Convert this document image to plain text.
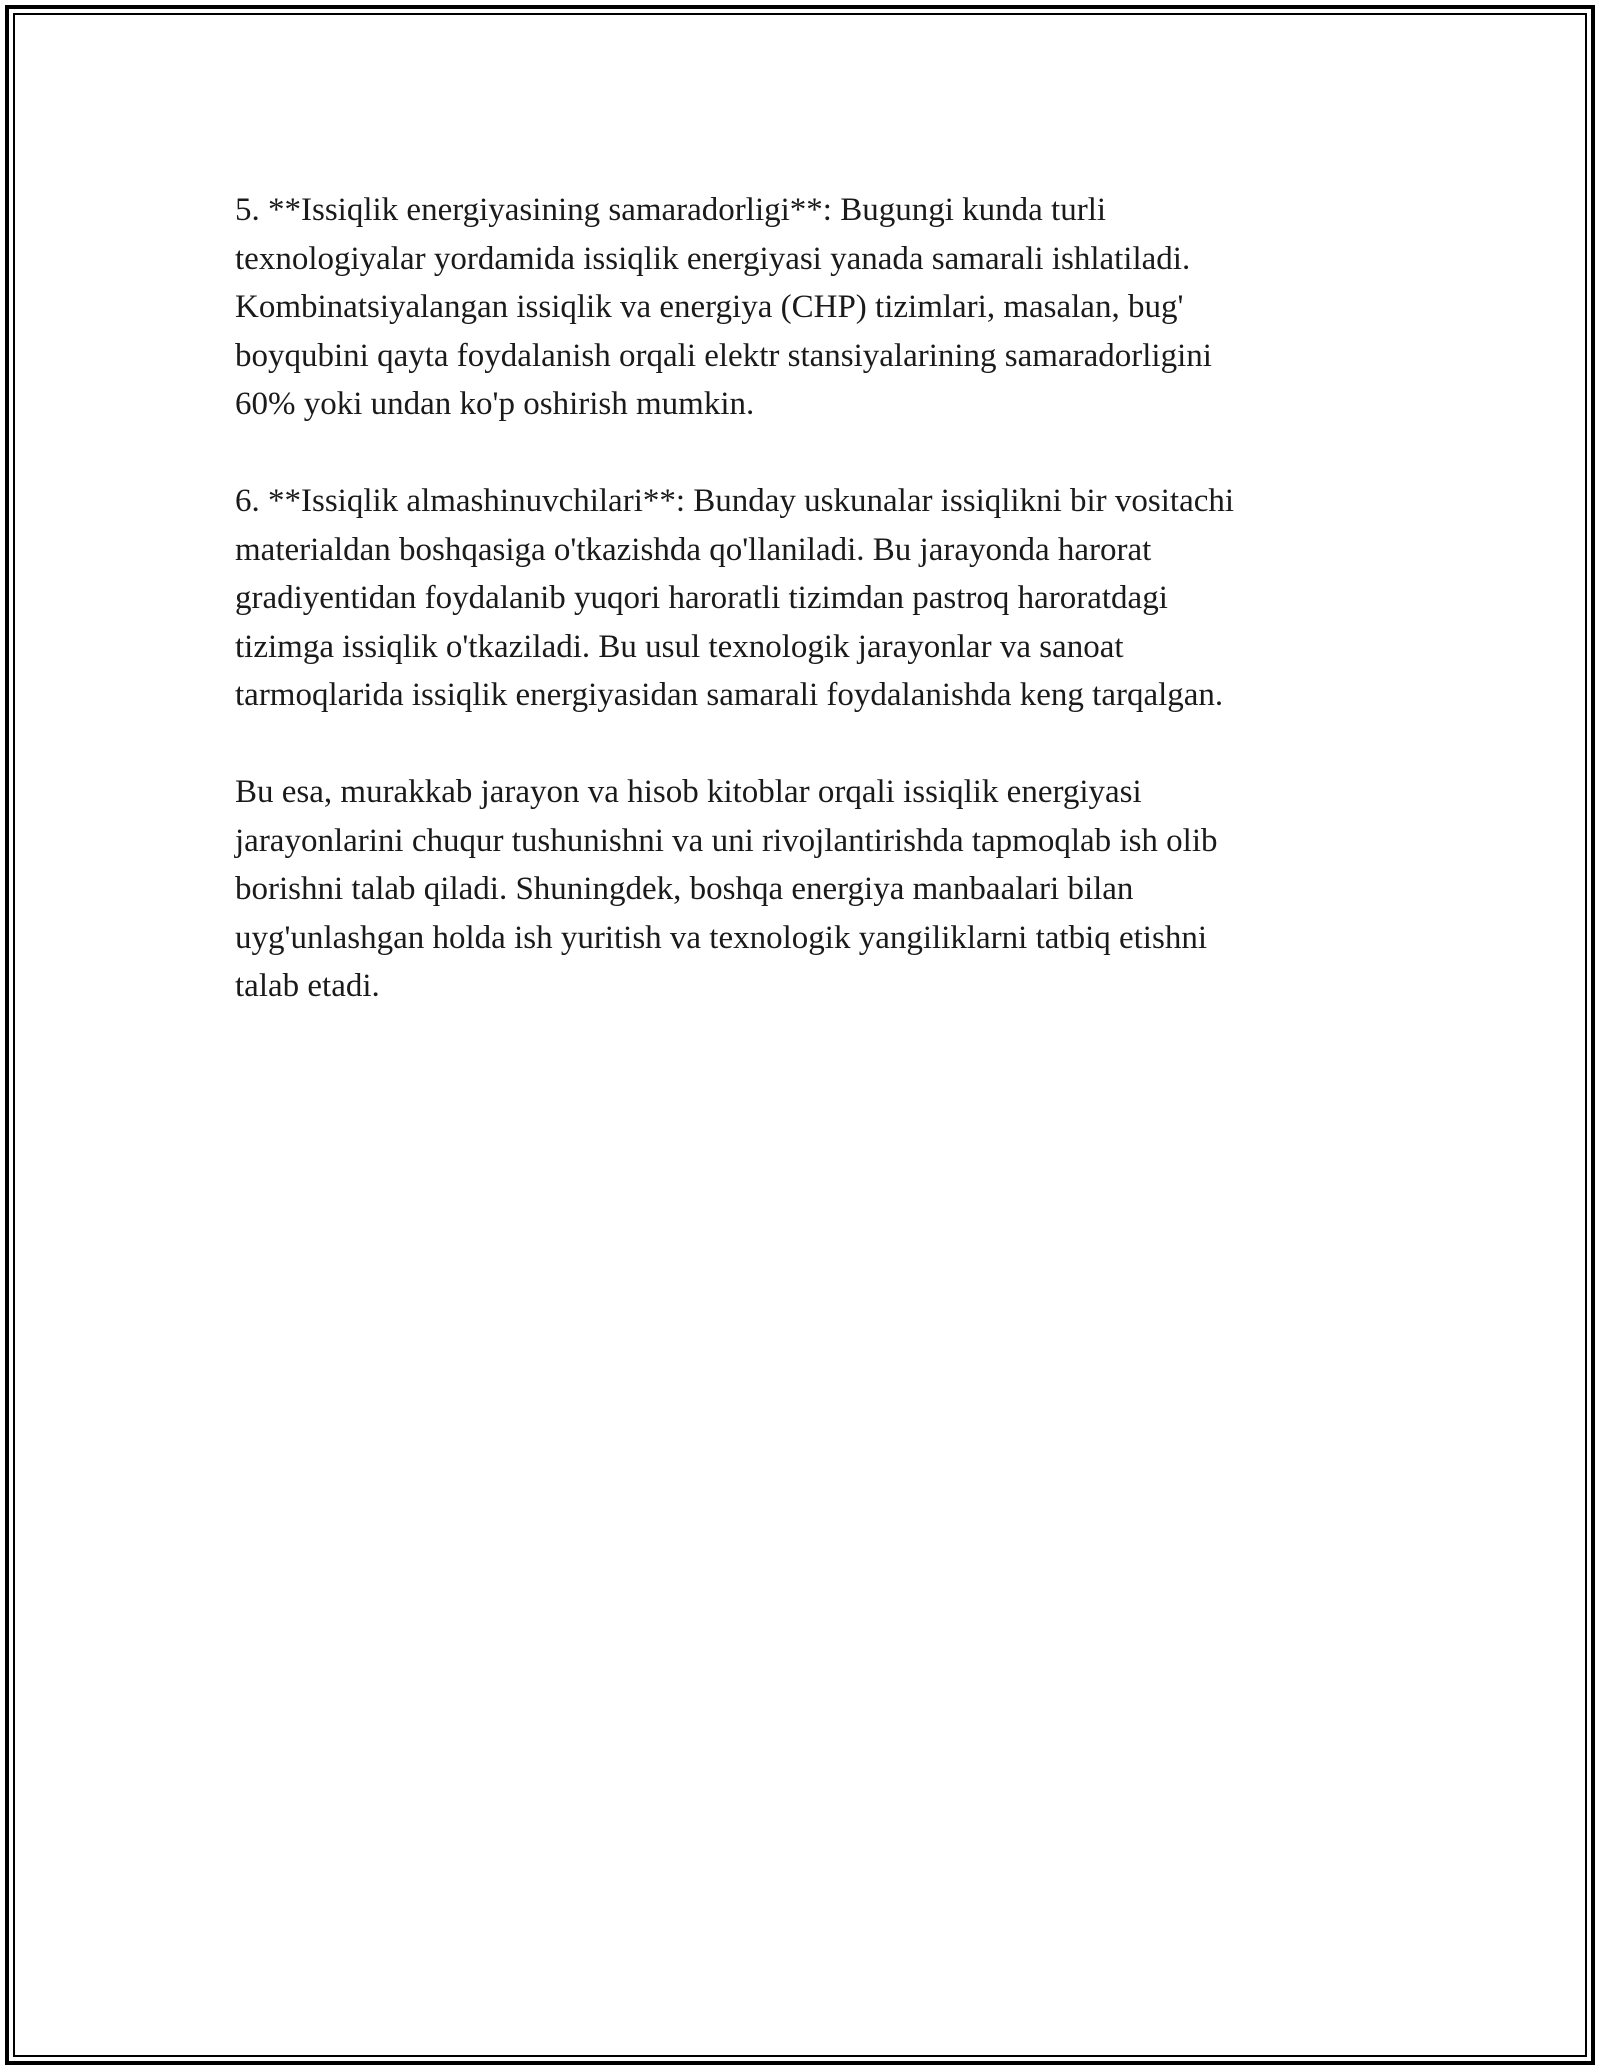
5. **Issiqlik energiyasining samaradorligi**: Bugungi kunda turli
texnologiyalar yordamida issiqlik energiyasi yanada samarali ishlatiladi.
Kombinatsiyalangan issiqlik va energiya (CHP) tizimlari, masalan, bug'
boyqubini qayta foydalanish orqali elektr stansiyalarining samaradorligini
60% yoki undan ko'p oshirish mumkin.

6. **Issiqlik almashinuvchilari**: Bunday uskunalar issiqlikni bir vositachi
materialdan boshqasiga o'tkazishda qo'llaniladi. Bu jarayonda harorat
gradiyentidan foydalanib yuqori haroratli tizimdan pastroq haroratdagi
tizimga issiqlik o'tkaziladi. Bu usul texnologik jarayonlar va sanoat
tarmoqlarida issiqlik energiyasidan samarali foydalanishda keng tarqalgan.

Bu esa, murakkab jarayon va hisob kitoblar orqali issiqlik energiyasi
jarayonlarini chuqur tushunishni va uni rivojlantirishda tapmoqlab ish olib
borishni talab qiladi. Shuningdek, boshqa energiya manbaalari bilan
uyg'unlashgan holda ish yuritish va texnologik yangiliklarni tatbiq etishni
talab etadi.
